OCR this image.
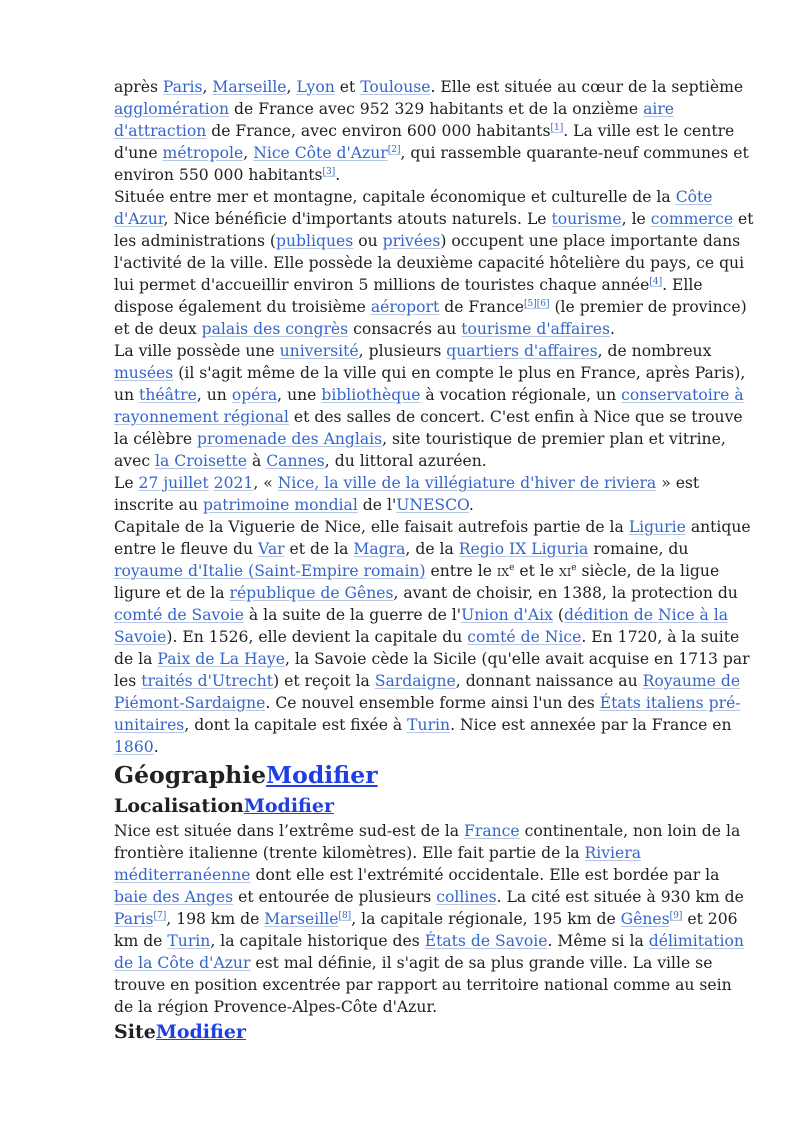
après Paris, Marseille, Lyon et Toulouse. Elle est située au cœur de la septième agglomération de France avec 952 329 habitants et de la onzième aire d'attraction de France, avec environ 600 000 habitants[1]. La ville est le centre d'une métropole, Nice Côte d'Azur[2], qui rassemble quarante-neuf communes et environ 550 000 habitants[3].

Située entre mer et montagne, capitale économique et culturelle de la Côte d'Azur, Nice bénéficie d'importants atouts naturels. Le tourisme, le commerce et les administrations (publiques ou privées) occupent une place importante dans l'activité de la ville. Elle possède la deuxième capacité hôtelière du pays, ce qui lui permet d'accueillir environ 5 millions de touristes chaque année[4]. Elle dispose également du troisième aéroport de France[5][6] (le premier de province) et de deux palais des congrès consacrés au tourisme d'affaires.

La ville possède une université, plusieurs quartiers d'affaires, de nombreux musées (il s'agit même de la ville qui en compte le plus en France, après Paris), un théâtre, un opéra, une bibliothèque à vocation régionale, un conservatoire à rayonnement régional et des salles de concert. C'est enfin à Nice que se trouve la célèbre promenade des Anglais, site touristique de premier plan et vitrine, avec la Croisette à Cannes, du littoral azuréen.

Le 27 juillet 2021, « Nice, la ville de la villégiature d'hiver de riviera » est inscrite au patrimoine mondial de l'UNESCO.

Capitale de la Viguerie de Nice, elle faisait autrefois partie de la Ligurie antique entre le fleuve du Var et de la Magra, de la Regio IX Liguria romaine, du royaume d'Italie (Saint-Empire romain) entre le $ix^e$ et le $xi^e$ siècle, de la ligue ligure et de la république de Gênes, avant de choisir, en 1388, la protection du comté de Savoie à la suite de la guerre de l'Union d'Aix (dédition de Nice à la Savoie). En 1526, elle devient la capitale du comté de Nice. En 1720, à la suite de la Paix de La Haye, la Savoie cède la Sicile (qu'elle avait acquise en 1713 par les traités d'Utrecht) et reçoit la Sardaigne, donnant naissance au Royaume de Piémont-Sardaigne. Ce nouvel ensemble forme ainsi l'un des États italiens pré-unitaires, dont la capitale est fixée à Turin. Nice est annexée par la France en 1860.

GéographieModifier
LocalisationModifier

Nice est située dans l’extrême sud-est de la France continentale, non loin de la frontière italienne (trente kilomètres). Elle fait partie de la Riviera méditerranéenne dont elle est l'extrémité occidentale. Elle est bordée par la baie des Anges et entourée de plusieurs collines. La cité est située à 930 km de Paris[7], 198 km de Marseille[8], la capitale régionale, 195 km de Gênes[9] et 206 km de Turin, la capitale historique des États de Savoie. Même si la délimitation de la Côte d'Azur est mal définie, il s'agit de sa plus grande ville. La ville se trouve en position excentrée par rapport au territoire national comme au sein de la région Provence-Alpes-Côte d'Azur.

SiteModifier
